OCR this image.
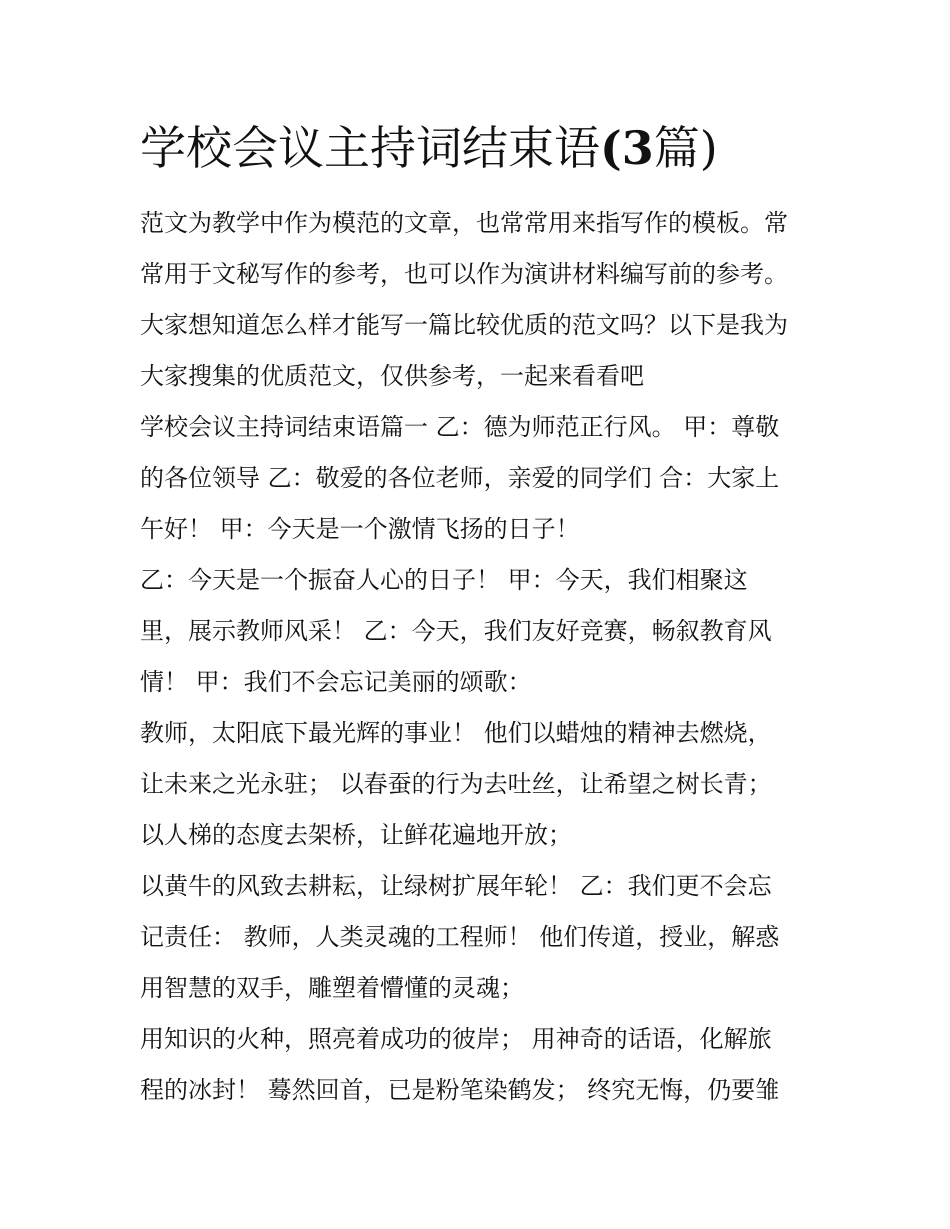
学校会议主持词结束语(3篇)
范文为教学中作为模范的文章，也常常用来指写作的模板。常
常用于文秘写作的参考，也可以作为演讲材料编写前的参考。
大家想知道怎么样才能写一篇比较优质的范文吗？以下是我为
大家搜集的优质范文，仅供参考，一起来看看吧
学校会议主持词结束语篇一 乙：德为师范正行风。 甲：尊敬
的各位领导 乙：敬爱的各位老师，亲爱的同学们 合：大家上
午好！ 甲：今天是一个激情飞扬的日子！
乙：今天是一个振奋人心的日子！ 甲：今天，我们相聚这
里，展示教师风采！ 乙：今天，我们友好竞赛，畅叙教育风
情！ 甲：我们不会忘记美丽的颂歌：
教师，太阳底下最光辉的事业！ 他们以蜡烛的精神去燃烧，
让未来之光永驻； 以春蚕的行为去吐丝，让希望之树长青；
以人梯的态度去架桥，让鲜花遍地开放；
以黄牛的风致去耕耘，让绿树扩展年轮！ 乙：我们更不会忘
记责任： 教师，人类灵魂的工程师！ 他们传道，授业，解惑
用智慧的双手，雕塑着懵懂的灵魂；
用知识的火种，照亮着成功的彼岸； 用神奇的话语，化解旅
程的冰封！ 蓦然回首，已是粉笔染鹤发； 终究无悔，仍要雏
